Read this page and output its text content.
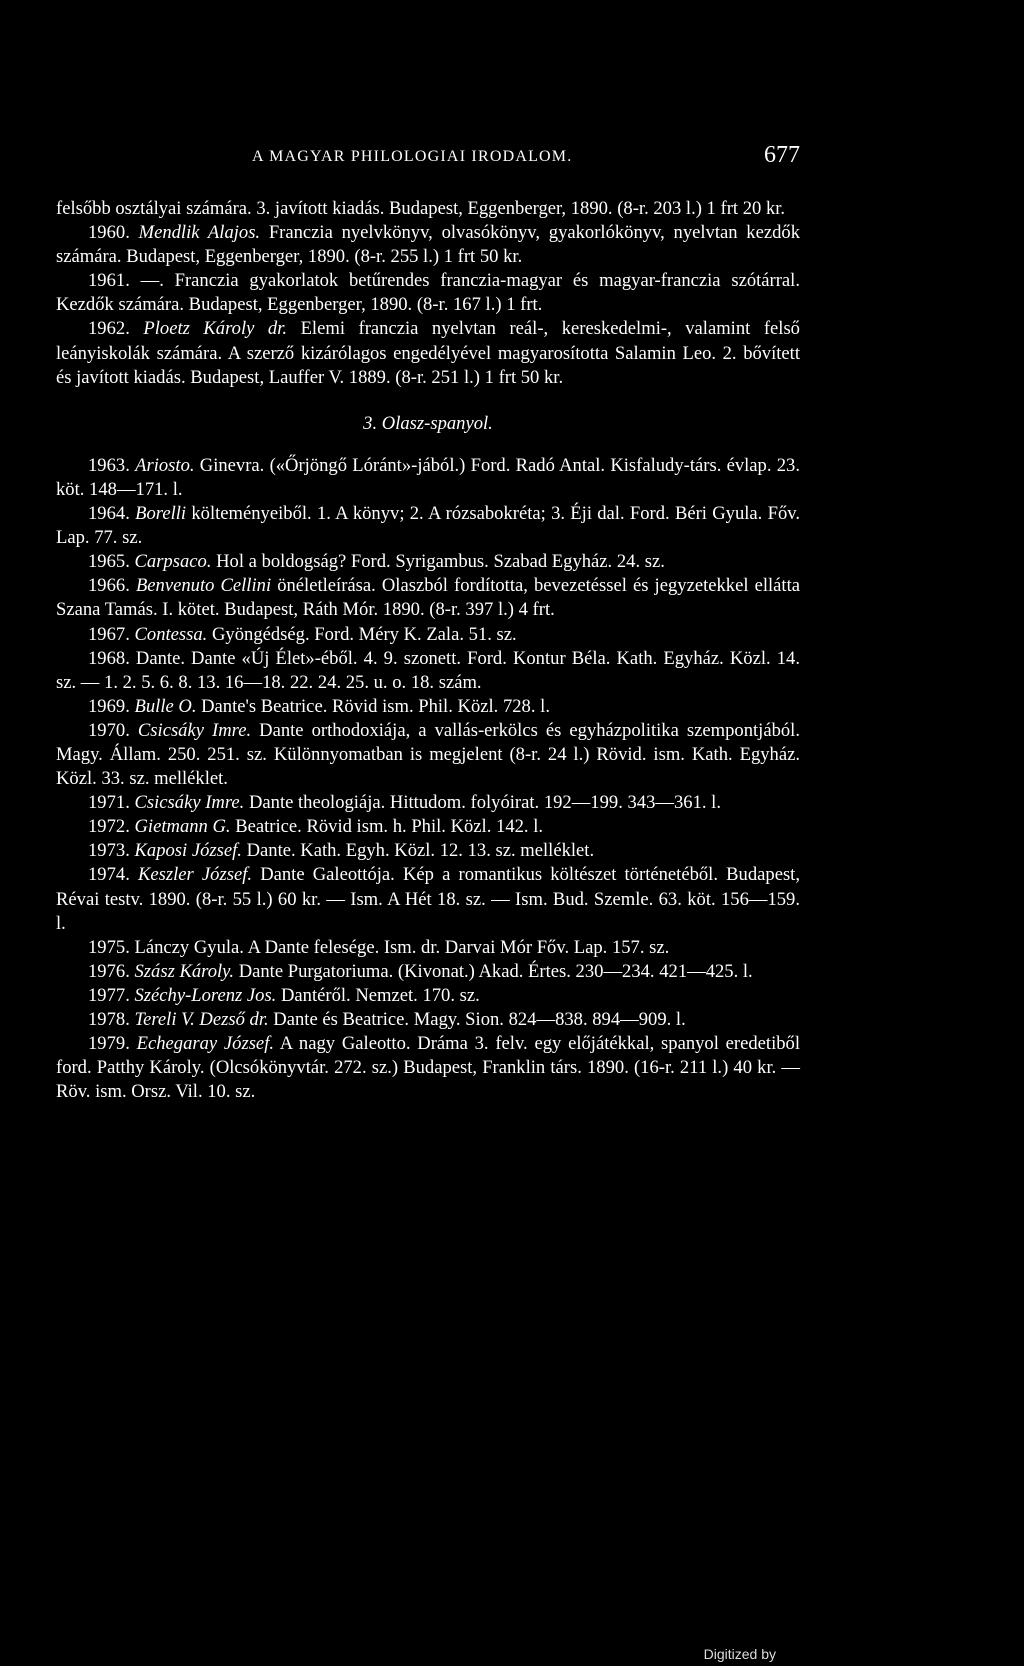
A MAGYAR PHILOLOGIAI IRODALOM.	677

felsőbb osztályai számára. 3. javított kiadás. Budapest, Eggenberger, 1890. (8-r. 203 l.) 1 frt 20 kr.

1960. Mendlik Alajos. Franczia nyelvkönyv, olvasókönyv, gyakorlókönyv, nyelvtan kezdők számára. Budapest, Eggenberger, 1890. (8-r. 255 l.) 1 frt 50 kr.

1961. —. Franczia gyakorlatok betűrendes franczia-magyar és magyar-franczia szótárral. Kezdők számára. Budapest, Eggenberger, 1890. (8-r. 167 l.) 1 frt.

1962. Ploetz Károly dr. Elemi franczia nyelvtan reál-, kereskedelmi-, valamint felső leányiskolák számára. A szerző kizárólagos engedélyével magyarosította Salamin Leo. 2. bővített és javított kiadás. Budapest, Lauffer V. 1889. (8-r. 251 l.) 1 frt 50 kr.

3. Olasz-spanyol.

1963. Ariosto. Ginevra. («Őrjöngő Lóránt»-jából.) Ford. Radó Antal. Kisfaludy-társ. évlap. 23. köt. 148—171. l.

1964. Borelli költeményeiből. 1. A könyv; 2. A rózsabokréta; 3. Éji dal. Ford. Béri Gyula. Főv. Lap. 77. sz.

1965. Carpsaco. Hol a boldogság? Ford. Syrigambus. Szabad Egyház. 24. sz.

1966. Benvenuto Cellini önéletleírása. Olaszból fordította, bevezetéssel és jegyzetekkel ellátta Szana Tamás. I. kötet. Budapest, Ráth Mór. 1890. (8-r. 397 l.) 4 frt.

1967. Contessa. Gyöngédség. Ford. Méry K. Zala. 51. sz.

1968. Dante. Dante «Új Élet»-éből. 4. 9. szonett. Ford. Kontur Béla. Kath. Egyház. Közl. 14. sz. — 1. 2. 5. 6. 8. 13. 16—18. 22. 24. 25. u. o. 18. szám.

1969. Bulle O. Dante's Beatrice. Rövid ism. Phil. Közl. 728. l.

1970. Csicsáky Imre. Dante orthodoxiája, a vallás-erkölcs és egyházpolitika szempontjából. Magy. Állam. 250. 251. sz. Különnyomatban is megjelent (8-r. 24 l.) Rövid. ism. Kath. Egyház. Közl. 33. sz. melléklet.

1971. Csicsáky Imre. Dante theologiája. Hittudom. folyóirat. 192—199. 343—361. l.

1972. Gietmann G. Beatrice. Rövid ism. h. Phil. Közl. 142. l.

1973. Kaposi József. Dante. Kath. Egyh. Közl. 12. 13. sz. melléklet.

1974. Keszler József. Dante Galeottója. Kép a romantikus költészet történetéből. Budapest, Révai testv. 1890. (8-r. 55 l.) 60 kr. — Ism. A Hét 18. sz. — Ism. Bud. Szemle. 63. köt. 156—159. l.

1975. Lánczy Gyula. A Dante felesége. Ism. dr. Darvai Mór Főv. Lap. 157. sz.

1976. Szász Károly. Dante Purgatoriuma. (Kivonat.) Akad. Értes. 230—234. 421—425. l.

1977. Széchy-Lorenz Jos. Dantéről. Nemzet. 170. sz.

1978. Tereli V. Dezső dr. Dante és Beatrice. Magy. Sion. 824—838. 894—909. l.

1979. Echegaray József. A nagy Galeotto. Dráma 3. felv. egy előjátékkal, spanyol eredetiből ford. Patthy Károly. (Olcsókönyvtár. 272. sz.) Budapest, Franklin társ. 1890. (16-r. 211 l.) 40 kr. — Röv. ism. Orsz. Vil. 10. sz.

Digitized by
